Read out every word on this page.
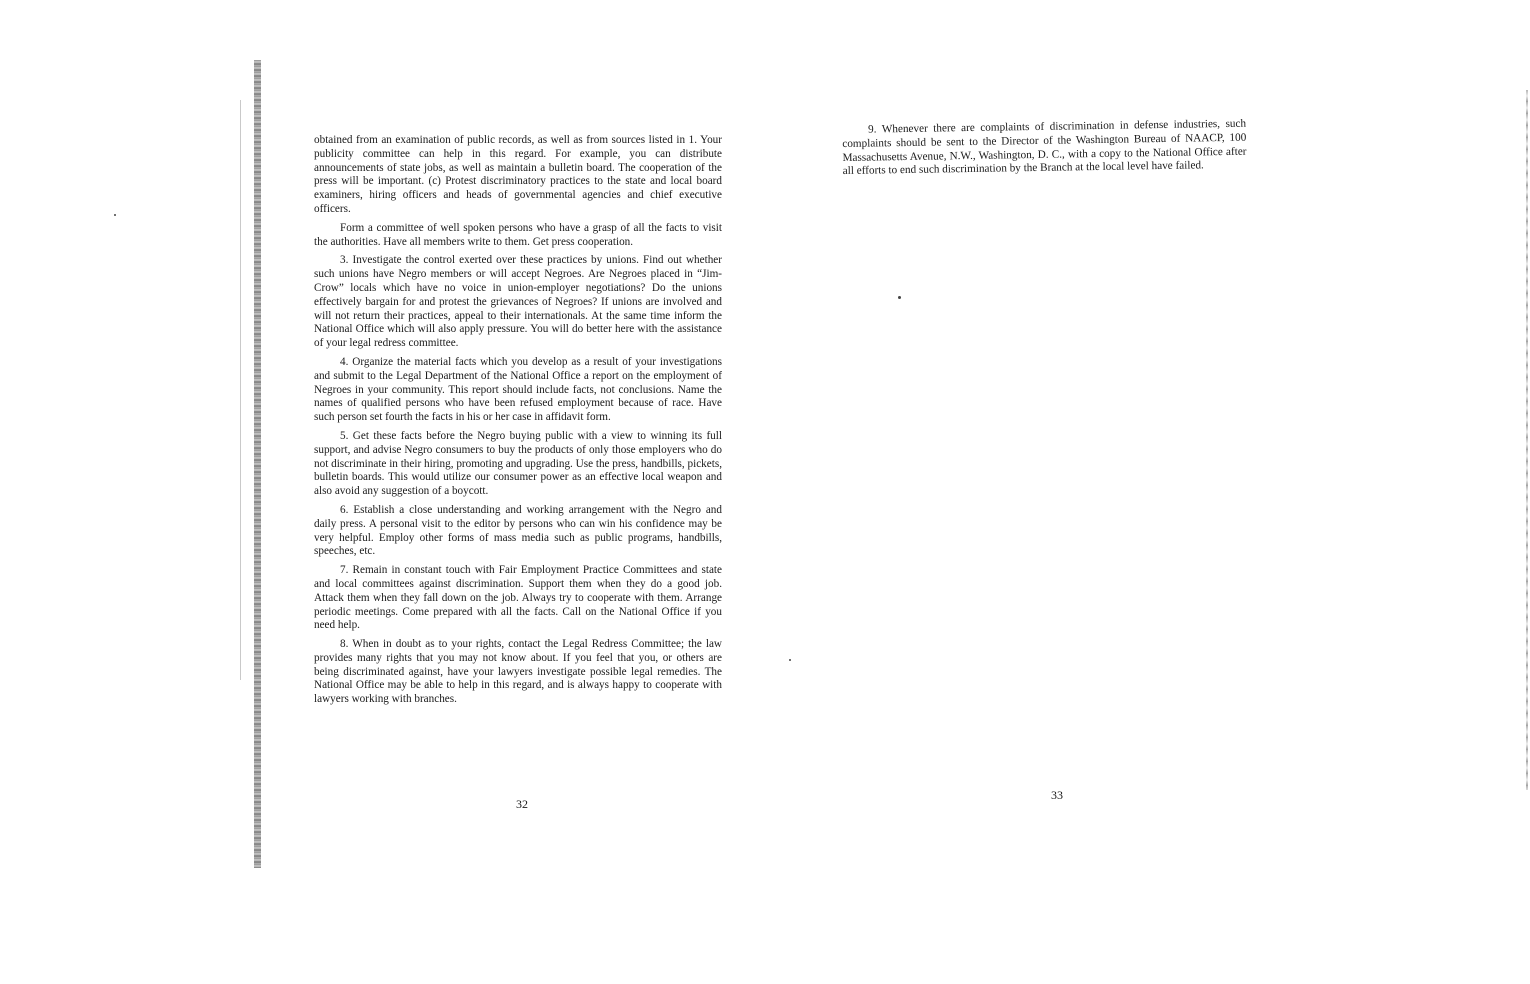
obtained from an examination of public records, as well as from sources listed in 1. Your publicity committee can help in this regard. For example, you can distribute announcements of state jobs, as well as maintain a bulletin board. The cooperation of the press will be important. (c) Protest discriminatory practices to the state and local board examiners, hiring officers and heads of governmental agencies and chief executive officers.

Form a committee of well spoken persons who have a grasp of all the facts to visit the authorities. Have all members write to them. Get press cooperation.

3. Investigate the control exerted over these practices by unions. Find out whether such unions have Negro members or will accept Negroes. Are Negroes placed in “Jim-Crow” locals which have no voice in union-employer negotiations? Do the unions effectively bargain for and protest the grievances of Negroes? If unions are involved and will not return their practices, appeal to their internationals. At the same time inform the National Office which will also apply pressure. You will do better here with the assistance of your legal redress committee.

4. Organize the material facts which you develop as a result of your investigations and submit to the Legal Department of the National Office a report on the employment of Negroes in your community. This report should include facts, not conclusions. Name the names of qualified persons who have been refused employment because of race. Have such person set fourth the facts in his or her case in affidavit form.

5. Get these facts before the Negro buying public with a view to winning its full support, and advise Negro consumers to buy the products of only those employers who do not discriminate in their hiring, promoting and upgrading. Use the press, handbills, pickets, bulletin boards. This would utilize our consumer power as an effective local weapon and also avoid any suggestion of a boycott.

6. Establish a close understanding and working arrangement with the Negro and daily press. A personal visit to the editor by persons who can win his confidence may be very helpful. Employ other forms of mass media such as public programs, handbills, speeches, etc.

7. Remain in constant touch with Fair Employment Practice Committees and state and local committees against discrimination. Support them when they do a good job. Attack them when they fall down on the job. Always try to cooperate with them. Arrange periodic meetings. Come prepared with all the facts. Call on the National Office if you need help.

8. When in doubt as to your rights, contact the Legal Redress Committee; the law provides many rights that you may not know about. If you feel that you, or others are being discriminated against, have your lawyers investigate possible legal remedies. The National Office may be able to help in this regard, and is always happy to cooperate with lawyers working with branches.

32

9. Whenever there are complaints of discrimination in defense industries, such complaints should be sent to the Director of the Washington Bureau of NAACP, 100 Massachusetts Avenue, N.W., Washington, D. C., with a copy to the National Office after all efforts to end such discrimination by the Branch at the local level have failed.

33
